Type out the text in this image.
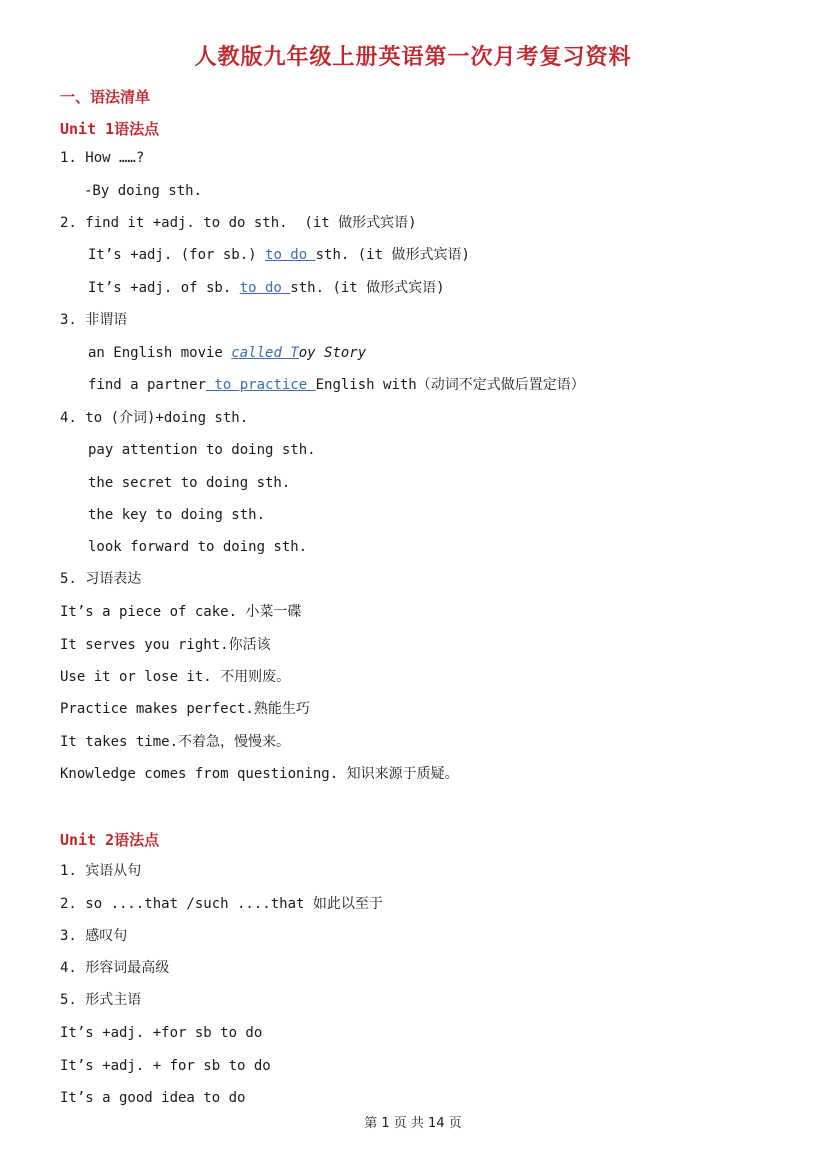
人教版九年级上册英语第一次月考复习资料
一、语法清单
Unit 1语法点
1. How ……?
-By doing sth.
2. find it +adj. to do sth.  (it 做形式宾语)
It’s +adj. (for sb.) to do sth. (it 做形式宾语)
It’s +adj. of sb. to do sth. (it 做形式宾语)
3. 非谓语
an English movie called Toy Story
find a partner to practice English with（动词不定式做后置定语）
4. to (介词)+doing sth.
pay attention to doing sth.
the secret to doing sth.
the key to doing sth.
look forward to doing sth.
5. 习语表达
It’s a piece of cake. 小菜一碟
It serves you right.你活该
Use it or lose it. 不用则废。
Practice makes perfect.熟能生巧
It takes time.不着急，慢慢来。
Knowledge comes from questioning. 知识来源于质疑。
Unit 2语法点
1. 宾语从句
2. so ....that /such ....that 如此以至于
3. 感叹句
4. 形容词最高级
5. 形式主语
It’s +adj. +for sb to do
It’s +adj. + for sb to do
It’s a good idea to do
第 1 页 共 14 页
